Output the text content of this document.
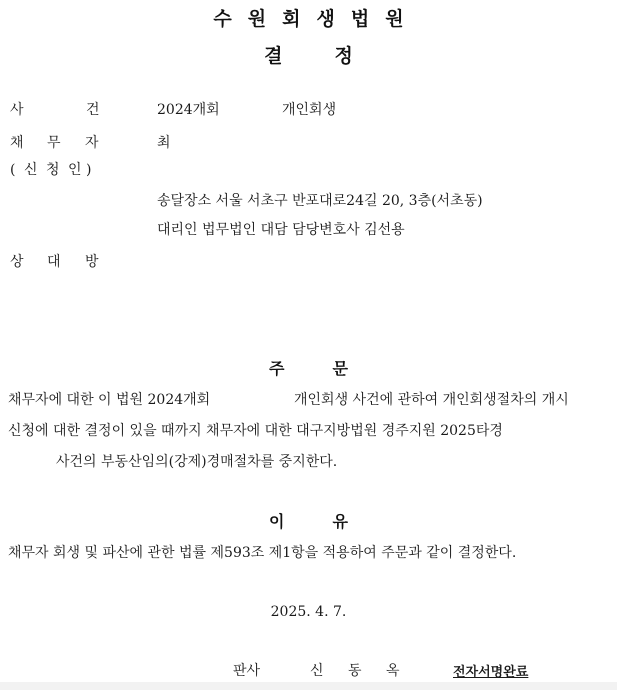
수 원 회 생 법 원
결	정
사	건	2024개회	개인회생
채 무 자	최
( 신 청 인 )
송달장소 서울 서초구 반포대로24길 20, 3층(서초동)
대리인 법무법인 대담 담당변호사 김선용
상 대 방
주	문
채무자에 대한 이 법원 2024개회	개인회생 사건에 관하여 개인회생절차의 개시
신청에 대한 결정이 있을 때까지 채무자에 대한 대구지방법원 경주지원 2025타경
사건의 부동산임의(강제)경매절차를 중지한다.
이	유
채무자 회생 및 파산에 관한 법률 제593조 제1항을 적용하여 주문과 같이 결정한다.
2025. 4. 7.
판사	신 동 옥	전자서명완료
